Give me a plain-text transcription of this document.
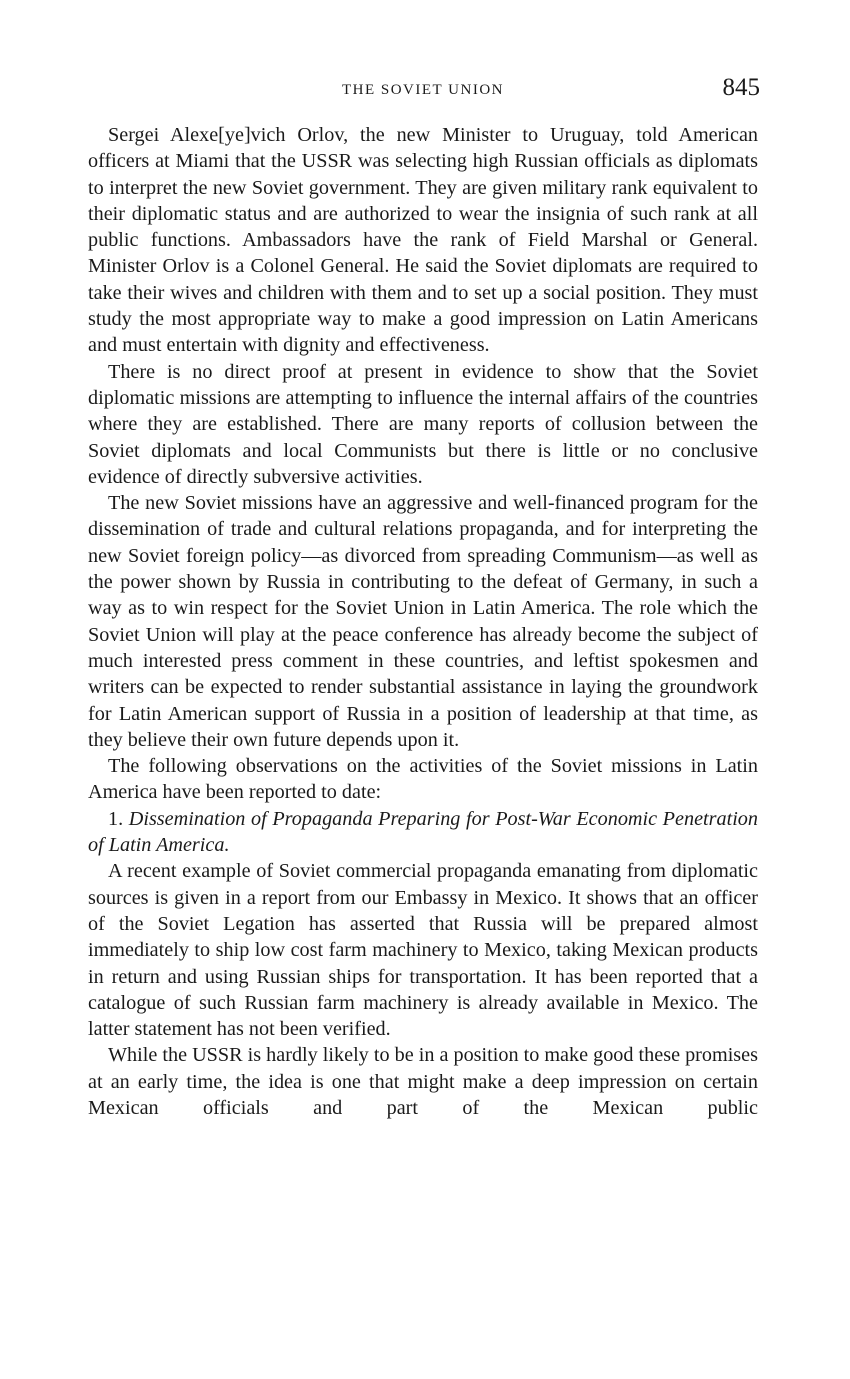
THE SOVIET UNION	845

Sergei Alexe[ye]vich Orlov, the new Minister to Uruguay, told American officers at Miami that the USSR was selecting high Russian officials as diplomats to interpret the new Soviet government. They are given military rank equivalent to their diplomatic status and are authorized to wear the insignia of such rank at all public functions. Ambassadors have the rank of Field Marshal or General. Minister Orlov is a Colonel General. He said the Soviet diplomats are required to take their wives and children with them and to set up a social position. They must study the most appropriate way to make a good impression on Latin Americans and must entertain with dignity and effectiveness.

There is no direct proof at present in evidence to show that the Soviet diplomatic missions are attempting to influence the internal affairs of the countries where they are established. There are many reports of collusion between the Soviet diplomats and local Communists but there is little or no conclusive evidence of directly subversive activities.

The new Soviet missions have an aggressive and well-financed program for the dissemination of trade and cultural relations propaganda, and for interpreting the new Soviet foreign policy—as divorced from spreading Communism—as well as the power shown by Russia in contributing to the defeat of Germany, in such a way as to win respect for the Soviet Union in Latin America. The role which the Soviet Union will play at the peace conference has already become the subject of much interested press comment in these countries, and leftist spokesmen and writers can be expected to render substantial assistance in laying the groundwork for Latin American support of Russia in a position of leadership at that time, as they believe their own future depends upon it.

The following observations on the activities of the Soviet missions in Latin America have been reported to date:

1. Dissemination of Propaganda Preparing for Post-War Economic Penetration of Latin America.

A recent example of Soviet commercial propaganda emanating from diplomatic sources is given in a report from our Embassy in Mexico. It shows that an officer of the Soviet Legation has asserted that Russia will be prepared almost immediately to ship low cost farm machinery to Mexico, taking Mexican products in return and using Russian ships for transportation. It has been reported that a catalogue of such Russian farm machinery is already available in Mexico. The latter statement has not been verified.

While the USSR is hardly likely to be in a position to make good these promises at an early time, the idea is one that might make a deep impression on certain Mexican officials and part of the Mexican public
